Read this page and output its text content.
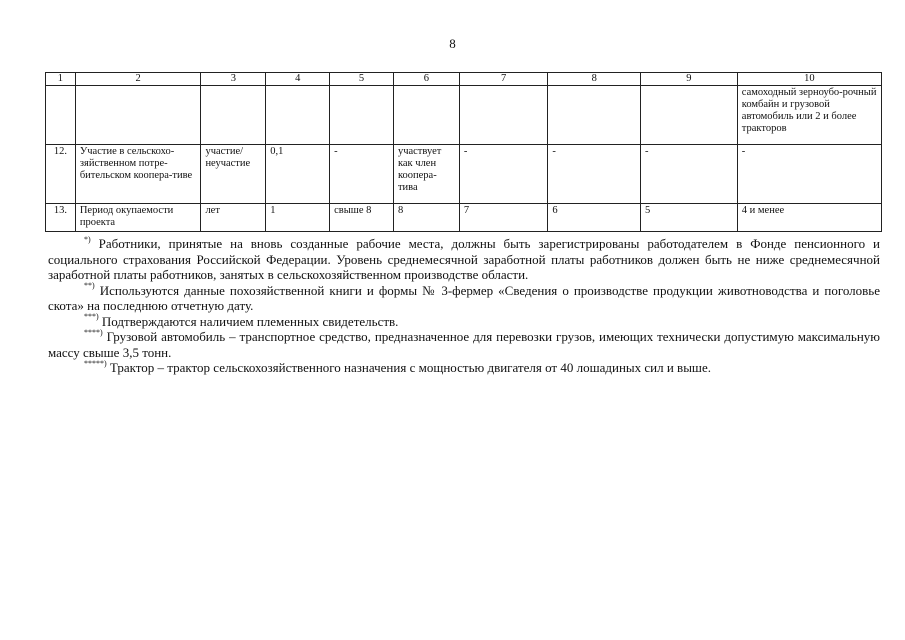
8
1	2	3	4	5	6	7	8	9	10
									самоходный зерноубо-рочный комбайн и грузовой автомобиль или 2 и более тракторов
12.	Участие в сельскохо-зяйственном потре-бительском коопера-тиве	участие/ неучастие	0,1	-	участвует как член коопера-тива	-	-	-	-
13.	Период окупаемости проекта	лет	1	свыше 8	8	7	6	5	4 и менее

*) Работники, принятые на вновь созданные рабочие места, должны быть зарегистрированы работодателем в Фонде пенсионного и социального страхования Российской Федерации. Уровень среднемесячной заработной платы работников должен быть не ниже среднемесячной заработной платы работников, занятых в сельскохозяйственном производстве области.

**) Используются данные похозяйственной книги и формы № 3-фермер «Сведения о производстве продукции животноводства и поголовье скота» на последнюю отчетную дату.

***) Подтверждаются наличием племенных свидетельств.

****) Грузовой автомобиль – транспортное средство, предназначенное для перевозки грузов, имеющих технически допустимую максимальную массу свыше 3,5 тонн.

*****) Трактор – трактор сельскохозяйственного назначения с мощностью двигателя от 40 лошадиных сил и выше.
